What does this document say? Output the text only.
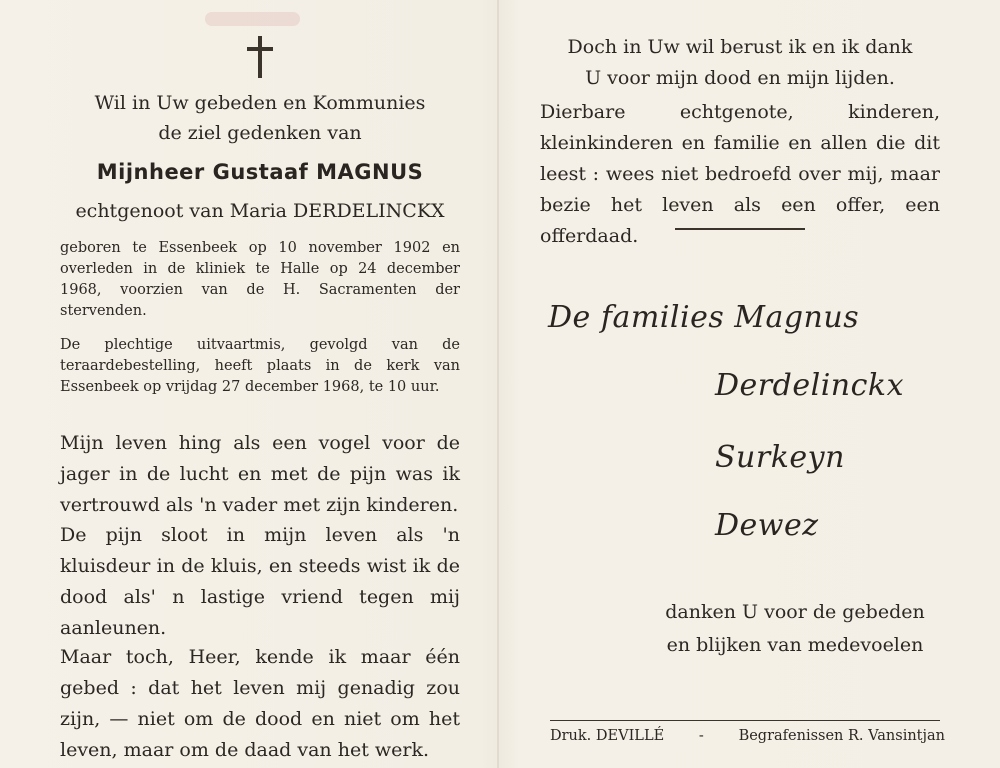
Wil in Uw gebeden en Kommunies
de ziel gedenken van
Mijnheer Gustaaf MAGNUS
echtgenoot van Maria DERDELINCKX
geboren te Essenbeek op 10 november 1902 en overleden in de kliniek te Halle op 24 december 1968, voorzien van de H. Sacramenten der stervenden.
De plechtige uitvaartmis, gevolgd van de teraardebestelling, heeft plaats in de kerk van Essenbeek op vrijdag 27 december 1968, te 10 uur.
Mijn leven hing als een vogel voor de jager in de lucht en met de pijn was ik vertrouwd als 'n vader met zijn kinderen.
De pijn sloot in mijn leven als 'n kluisdeur in de kluis, en steeds wist ik de dood als' n lastige vriend tegen mij aanleunen.
Maar toch, Heer, kende ik maar één gebed : dat het leven mij genadig zou zijn, — niet om de dood en niet om het leven, maar om de daad van het werk.
Doch in Uw wil berust ik en ik dank
U voor mijn dood en mijn lijden.
Dierbare echtgenote, kinderen, kleinkinderen en familie en allen die dit leest : wees niet bedroefd over mij, maar bezie het leven als een offer, een offerdaad.
De families Magnus
Derdelinckx
Surkeyn
Dewez
danken U voor de gebeden
en blijken van medevoelen
Druk. DEVILLÉ - Begrafenissen R. Vansintjan
